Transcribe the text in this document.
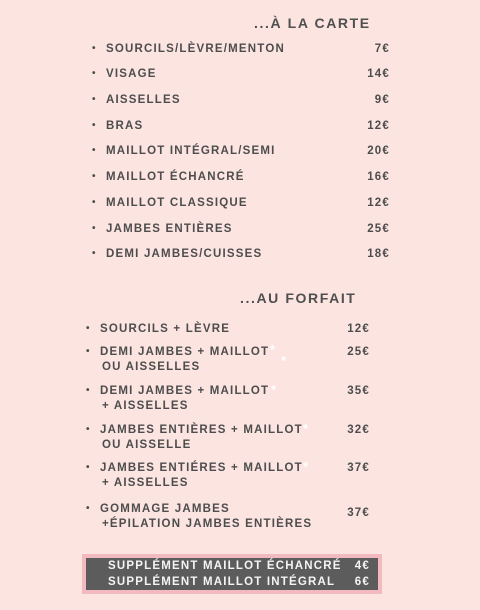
...À LA CARTE
• SOURCILS/LÈVRE/MENTON	7€
• VISAGE	14€
• AISSELLES	9€
• BRAS	12€
• MAILLOT INTÉGRAL/SEMI	20€
• MAILLOT ÉCHANCRÉ	16€
• MAILLOT CLASSIQUE	12€
• JAMBES ENTIÈRES	25€
• DEMI JAMBES/CUISSES	18€
...AU FORFAIT
• SOURCILS + LÈVRE	12€
• DEMI JAMBES + MAILLOT
OU AISSELLES
25€
*
*
• DEMI JAMBES + MAILLOT
+ AISSELLES
35€
*
• JAMBES ENTIÈRES + MAILLOT
OU AISSELLE
32€
*
• JAMBES ENTIÉRES + MAILLOT
+ AISSELLES
37€
*
• GOMMAGE JAMBES
+ÉPILATION JAMBES ENTIÈRES
37€
SUPPLÉMENT MAILLOT ÉCHANCRÉ 4€
SUPPLÉMENT MAILLOT INTÉGRAL 6€
